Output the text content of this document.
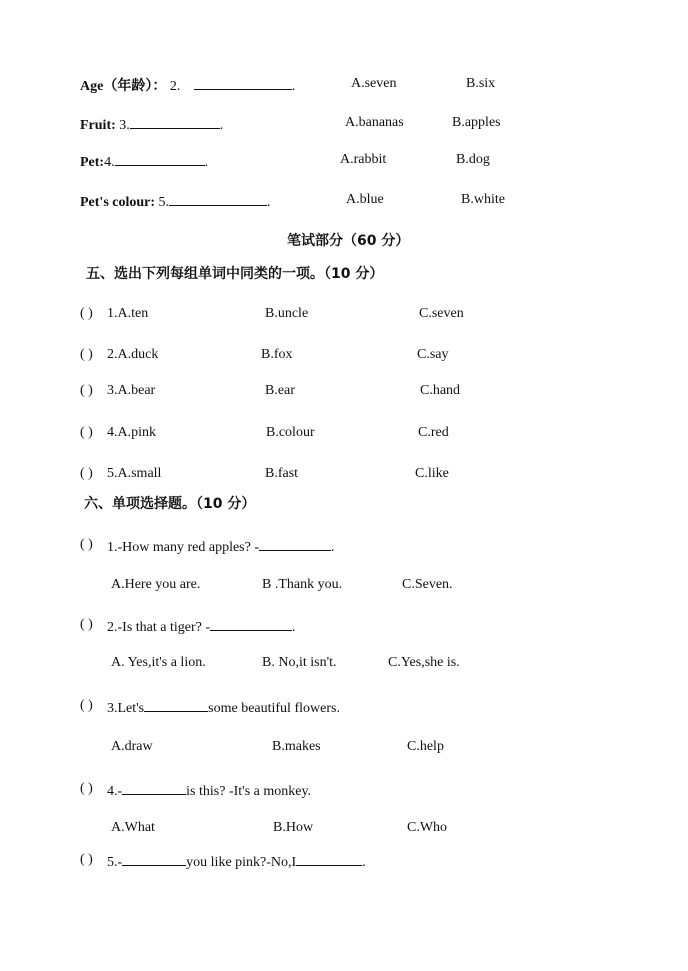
Age（年龄）： 2.	.	A.seven	B.six
Fruit: 3.	.	A.bananas	B.apples
Pet:4.	.	A.rabbit	B.dog
Pet's colour: 5.	.	A.blue	B.white
笔试部分（60 分）
五、选出下列每组单词中同类的一项。（10 分）
( ) 1.A.ten	B.uncle	C.seven
( ) 2.A.duck	B.fox	C.say
( ) 3.A.bear	B.ear	C.hand
( ) 4.A.pink	B.colour	C.red
( ) 5.A.small	B.fast	C.like
六、单项选择题。（10 分）
( ) 1.-How many red apples? -	.
A.Here you are.	B .Thank you.	C.Seven.
( ) 2.-Is that a tiger? -	.
A. Yes,it's a lion.	B. No,it isn't.	C.Yes,she is.
( ) 3.Let's	some beautiful flowers.
A.draw	B.makes	C.help
( ) 4.-	is this? -It's a monkey.
A.What	B.How	C.Who
( ) 5.-	you like pink?-No,I	.
